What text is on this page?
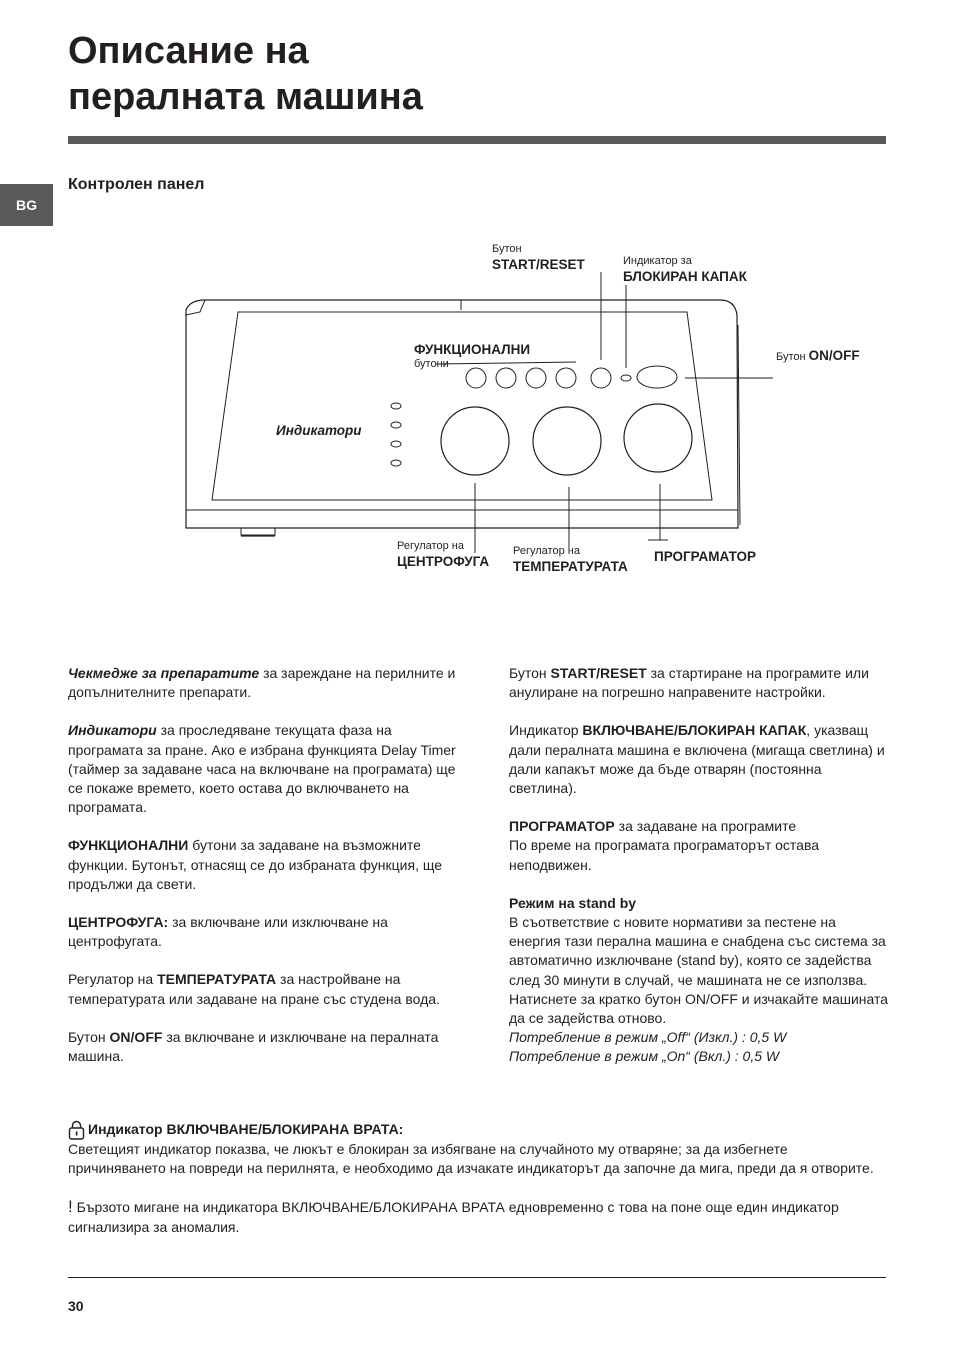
Описание на
пералната машина
BG
Контролен панел
Бутон
START/RESET	Индикатор за
БЛОКИРАН КАПАК
ФУНКЦИОНАЛНИ
бутони
Бутон ON/OFF
Индикатори
Регулатор на
ЦЕНТРОФУГА
Регулатор на
ТЕМПЕРАТУРАТА
ПРОГРАМАТОР

Чекмедже за препаратите за зареждане на перилните и допълнителните препарати.

Индикатори за проследяване текущата фаза на програмата за пране. Ако е избрана функцията Delay Timer (таймер за задаване часа на включване на програмата) ще се покаже времето, което остава до включването на програмата.

ФУНКЦИОНАЛНИ бутони за задаване на възможните функции. Бутонът, отнасящ се до избраната функция, ще продължи да свети.

ЦЕНТРОФУГА: за включване или изключване на центрофугата.

Регулатор на ТЕМПЕРАТУРАТА за настройване на температурата или задаване на пране със студена вода.

Бутон ON/OFF за включване и изключване на пералната машина.

Бутон START/RESET за стартиране на програмите или анулиране на погрешно направените настройки.

Индикатор ВКЛЮЧВАНЕ/БЛОКИРАН КАПАК, указващ дали пералната машина е включена (мигаща светлина) и дали капакът може да бъде отварян (постоянна светлина).

ПРОГРАМАТОР за задаване на програмите
По време на програмата програматорът остава неподвижен.

Режим на stand by
В съответствие с новите нормативи за пестене на енергия тази перална машина е снабдена със система за автоматично изключване (stand by), която се задейства след 30 минути в случай, че машината не се използва. Натиснете за кратко бутон ON/OFF и изчакайте машината да се задейства отново.
Потребление в режим „Off“ (Изкл.) : 0,5 W
Потребление в режим „On“ (Вкл.) : 0,5 W

Индикатор ВКЛЮЧВАНЕ/БЛОКИРАНА ВРАТА:

Светещият индикатор показва, че люкът е блокиран за избягване на случайното му отваряне; за да избегнете причиняването на повреди на перилнята, е необходимо да изчакате индикаторът да започне да мига, преди да я отворите.

! Бързото мигане на индикатора ВКЛЮЧВАНЕ/БЛОКИРАНА ВРАТА едновременно с това на поне още един индикатор сигнализира за аномалия.

30
